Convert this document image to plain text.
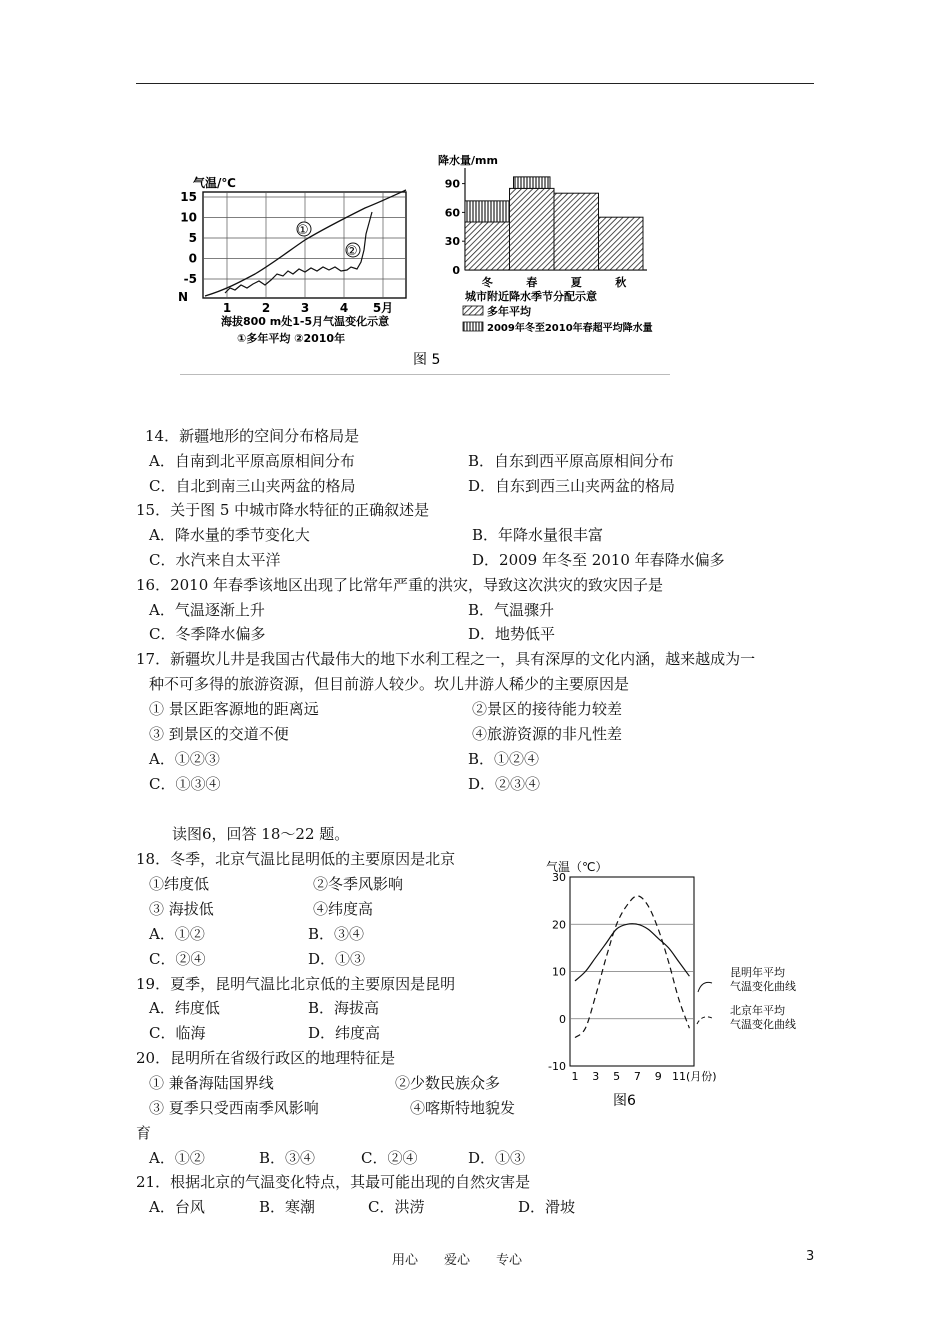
气温/℃
15
10
5
0
-5
N
1	2	3	4 5月
①
②
海拔800 m处1-5月气温变化示意
①多年平均 ②2010年
降水量/mm
90
60
30
0
冬	春	夏	秋
城市附近降水季节分配示意
多年平均
2009年冬至2010年春超平均降水量
图 5
气温（℃）
30
20
10
0
-10
1 3 5 7 9 11 (月份)
昆明年平均
气温变化曲线
北京年平均
气温变化曲线
图6
14．新疆地形的空间分布格局是
A．自南到北平原高原相间分布	B．自东到西平原高原相间分布
C．自北到南三山夹两盆的格局	D．自东到西三山夹两盆的格局
15．关于图 5 中城市降水特征的正确叙述是
A．降水量的季节变化大	B．年降水量很丰富
C．水汽来自太平洋	D．2009 年冬至 2010 年春降水偏多
16．2010 年春季该地区出现了比常年严重的洪灾，导致这次洪灾的致灾因子是
A．气温逐渐上升	B．气温骤升
C．冬季降水偏多	D．地势低平
17．新疆坎儿井是我国古代最伟大的地下水利工程之一，具有深厚的文化内涵，越来越成为一
种不可多得的旅游资源，但目前游人较少。坎儿井游人稀少的主要原因是
① 景区距客源地的距离远	②景区的接待能力较差
③ 到景区的交道不便	④旅游资源的非凡性差
A．①②③	B．①②④
C．①③④	D．②③④
读图6，回答 18～22 题。
18．冬季，北京气温比昆明低的主要原因是北京
①纬度低	②冬季风影响
③ 海拔低	④纬度高
A．①②	B．③④
C．②④	D．①③
19．夏季，昆明气温比北京低的主要原因是昆明
A．纬度低	B．海拔高
C．临海	D．纬度高
20．昆明所在省级行政区的地理特征是
① 兼备海陆国界线	②少数民族众多
③ 夏季只受西南季风影响	④喀斯特地貌发
育
A．①②	B．③④	C．②④	D．①③
21．根据北京的气温变化特点，其最可能出现的自然灾害是
A．台风	B．寒潮	C．洪涝	D．滑坡
用心　　爱心　　专心	3
